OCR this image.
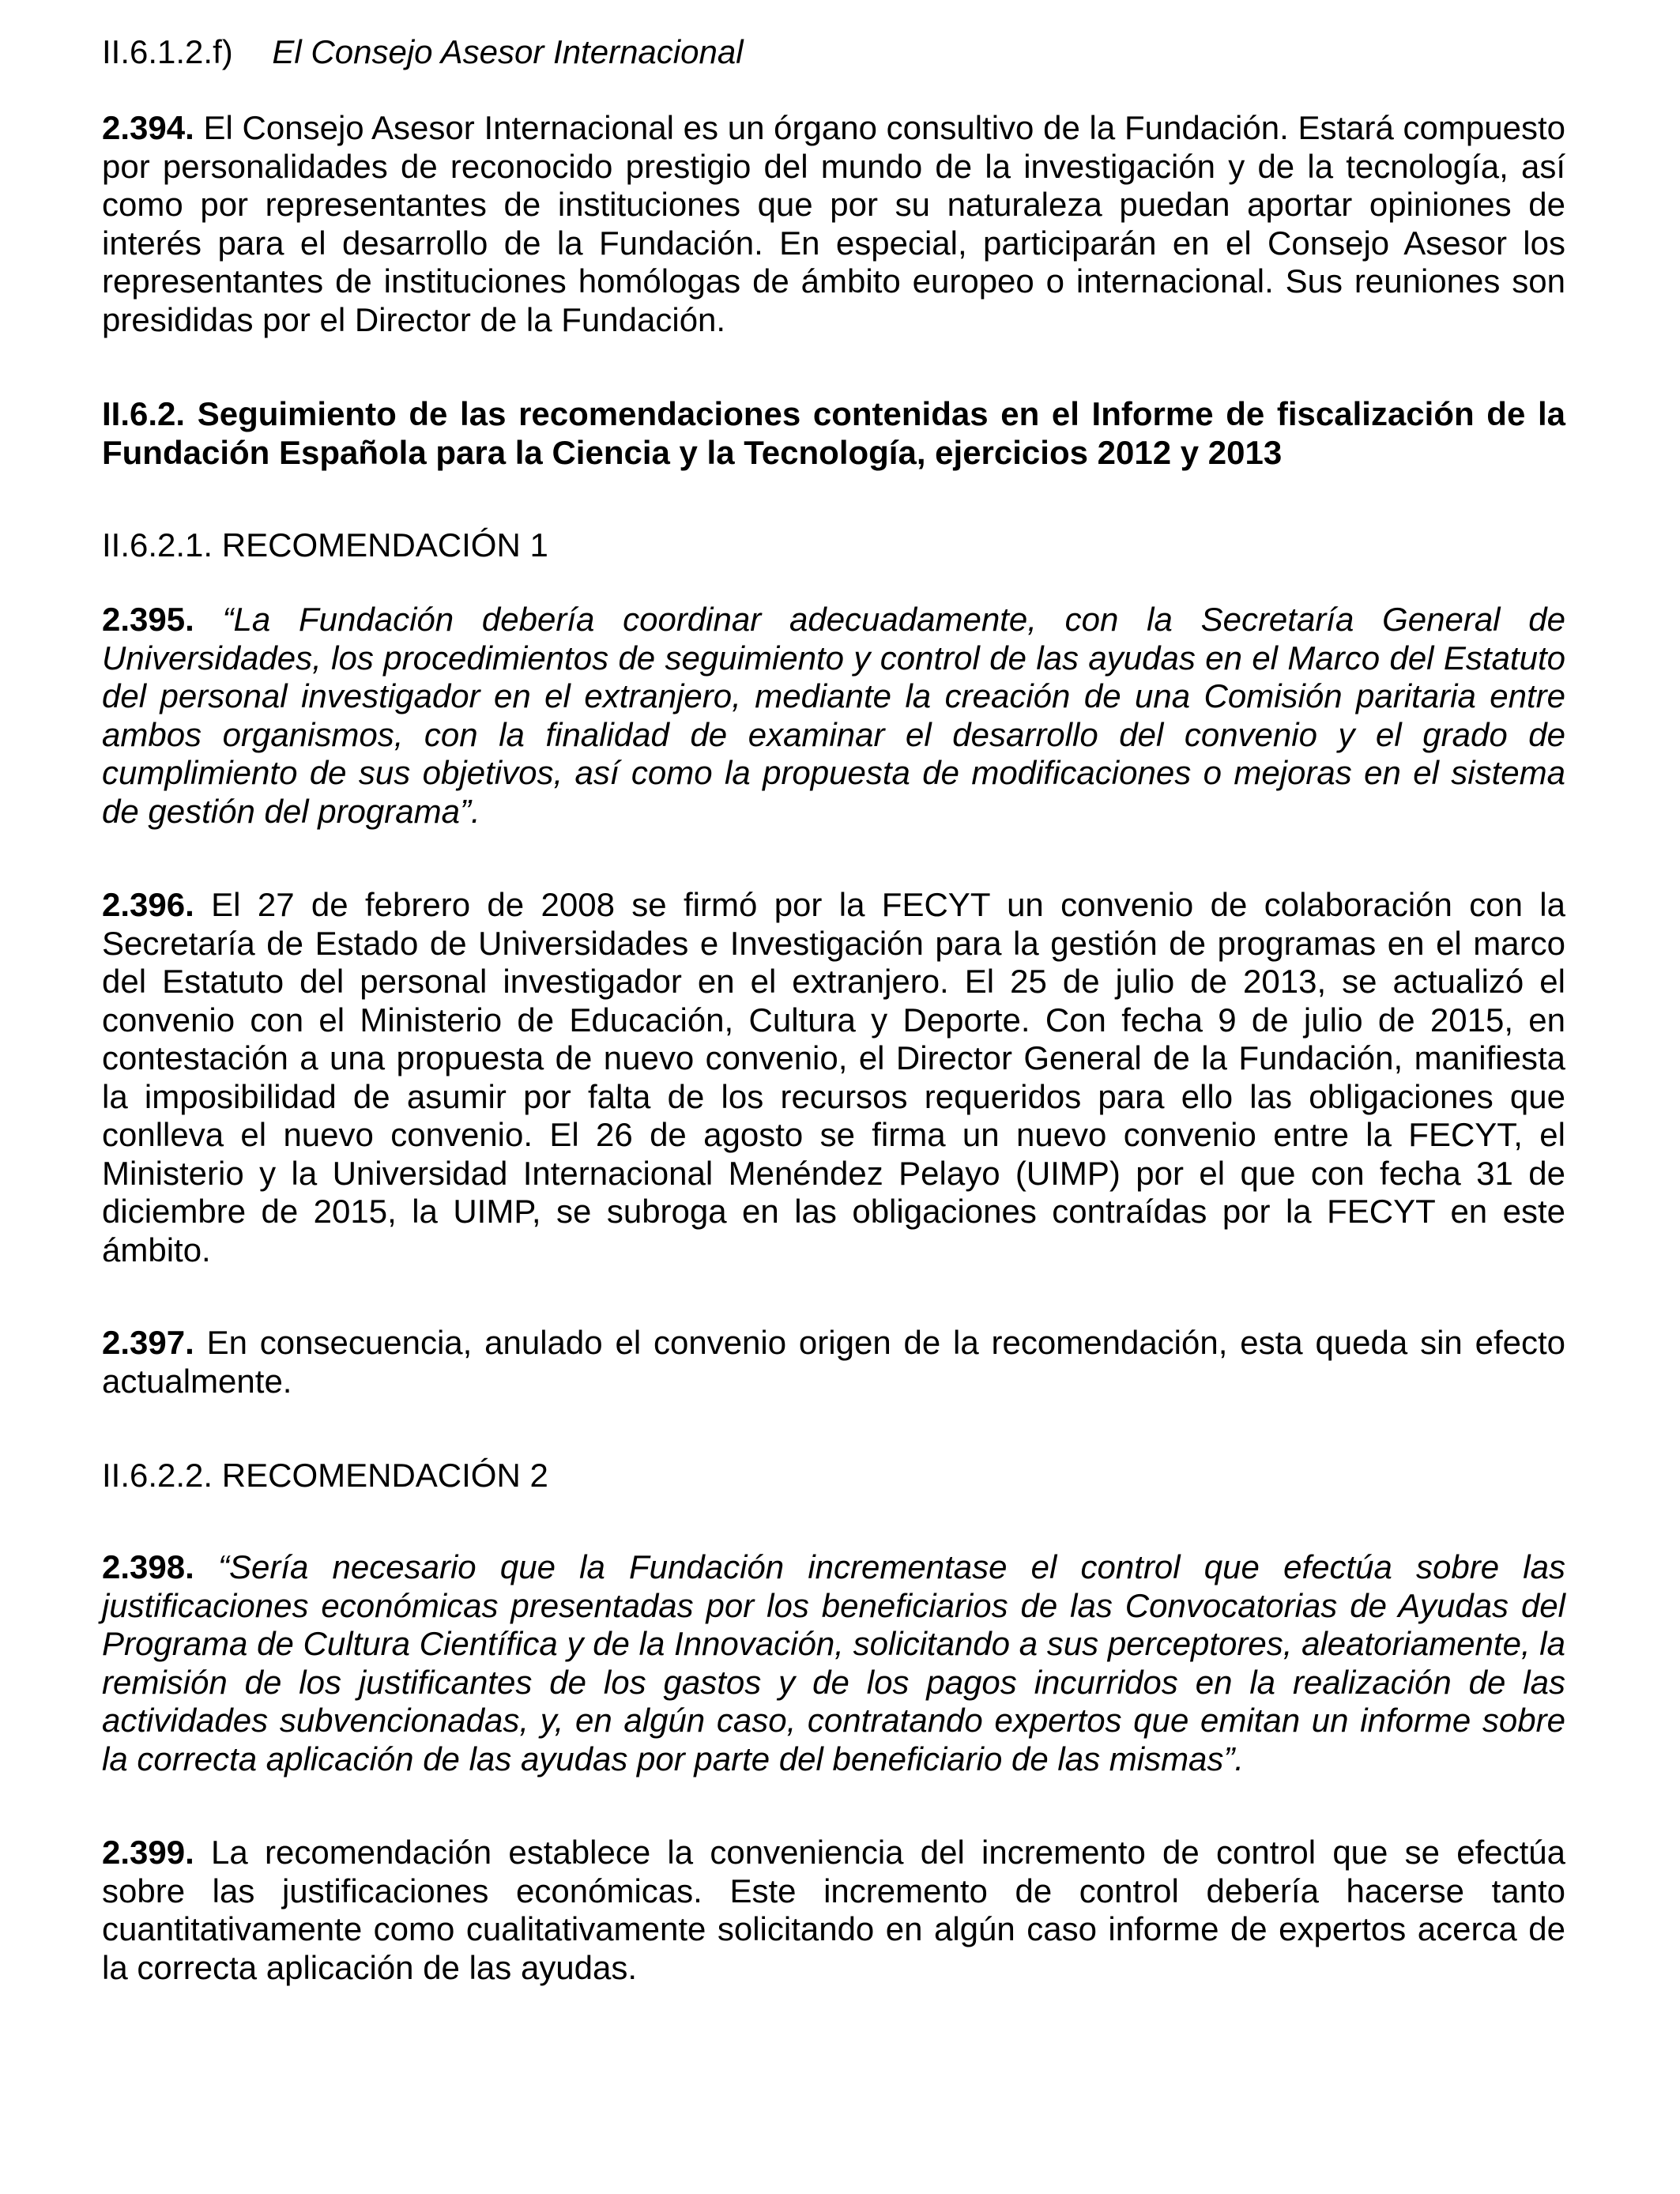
II.6.1.2.f) El Consejo Asesor Internacional

2.394. El Consejo Asesor Internacional es un órgano consultivo de la Fundación. Estará compuesto por personalidades de reconocido prestigio del mundo de la investigación y de la tecnología, así como por representantes de instituciones que por su naturaleza puedan aportar opiniones de interés para el desarrollo de la Fundación. En especial, participarán en el Consejo Asesor los representantes de instituciones homólogas de ámbito europeo o internacional. Sus reuniones son presididas por el Director de la Fundación.

II.6.2. Seguimiento de las recomendaciones contenidas en el Informe de fiscalización de la Fundación Española para la Ciencia y la Tecnología, ejercicios 2012 y 2013

II.6.2.1. RECOMENDACIÓN 1

2.395. “La Fundación debería coordinar adecuadamente, con la Secretaría General de Universidades, los procedimientos de seguimiento y control de las ayudas en el Marco del Estatuto del personal investigador en el extranjero, mediante la creación de una Comisión paritaria entre ambos organismos, con la finalidad de examinar el desarrollo del convenio y el grado de cumplimiento de sus objetivos, así como la propuesta de modificaciones o mejoras en el sistema de gestión del programa”.

2.396. El 27 de febrero de 2008 se firmó por la FECYT un convenio de colaboración con la Secretaría de Estado de Universidades e Investigación para la gestión de programas en el marco del Estatuto del personal investigador en el extranjero. El 25 de julio de 2013, se actualizó el convenio con el Ministerio de Educación, Cultura y Deporte. Con fecha 9 de julio de 2015, en contestación a una propuesta de nuevo convenio, el Director General de la Fundación, manifiesta la imposibilidad de asumir por falta de los recursos requeridos para ello las obligaciones que conlleva el nuevo convenio. El 26 de agosto se firma un nuevo convenio entre la FECYT, el Ministerio y la Universidad Internacional Menéndez Pelayo (UIMP) por el que con fecha 31 de diciembre de 2015, la UIMP, se subroga en las obligaciones contraídas por la FECYT en este ámbito.

2.397. En consecuencia, anulado el convenio origen de la recomendación, esta queda sin efecto actualmente.

II.6.2.2. RECOMENDACIÓN 2

2.398. “Sería necesario que la Fundación incrementase el control que efectúa sobre las justificaciones económicas presentadas por los beneficiarios de las Convocatorias de Ayudas del Programa de Cultura Científica y de la Innovación, solicitando a sus perceptores, aleatoriamente, la remisión de los justificantes de los gastos y de los pagos incurridos en la realización de las actividades subvencionadas, y, en algún caso, contratando expertos que emitan un informe sobre la correcta aplicación de las ayudas por parte del beneficiario de las mismas”.

2.399. La recomendación establece la conveniencia del incremento de control que se efectúa sobre las justificaciones económicas. Este incremento de control debería hacerse tanto cuantitativamente como cualitativamente solicitando en algún caso informe de expertos acerca de la correcta aplicación de las ayudas.
